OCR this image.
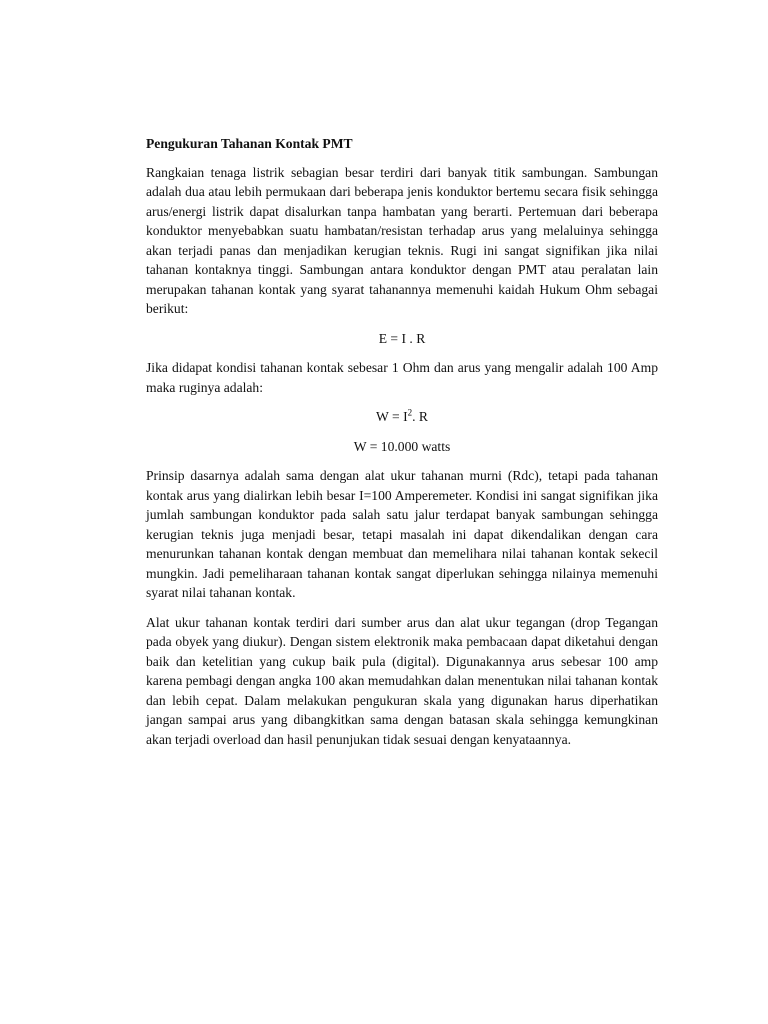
Pengukuran Tahanan Kontak PMT

Rangkaian tenaga listrik sebagian besar terdiri dari banyak titik sambungan. Sambungan adalah dua atau lebih permukaan dari beberapa jenis konduktor bertemu secara fisik sehingga arus/energi listrik dapat disalurkan tanpa hambatan yang berarti. Pertemuan dari beberapa konduktor menyebabkan suatu hambatan/resistan terhadap arus yang melaluinya sehingga akan terjadi panas dan menjadikan kerugian teknis. Rugi ini sangat signifikan jika nilai tahanan kontaknya tinggi. Sambungan antara konduktor dengan PMT atau peralatan lain merupakan tahanan kontak yang syarat tahanannya memenuhi kaidah Hukum Ohm sebagai berikut:

E = I . R

Jika didapat kondisi tahanan kontak sebesar 1 Ohm dan arus yang mengalir adalah 100 Amp maka ruginya adalah:

$W = I^2$. R
W = 10.000 watts

Prinsip dasarnya adalah sama dengan alat ukur tahanan murni (Rdc), tetapi pada tahanan kontak arus yang dialirkan lebih besar I=100 Amperemeter. Kondisi ini sangat signifikan jika jumlah sambungan konduktor pada salah satu jalur terdapat banyak sambungan sehingga kerugian teknis juga menjadi besar, tetapi masalah ini dapat dikendalikan dengan cara menurunkan tahanan kontak dengan membuat dan memelihara nilai tahanan kontak sekecil mungkin. Jadi pemeliharaan tahanan kontak sangat diperlukan sehingga nilainya memenuhi syarat nilai tahanan kontak.

Alat ukur tahanan kontak terdiri dari sumber arus dan alat ukur tegangan (drop Tegangan pada obyek yang diukur). Dengan sistem elektronik maka pembacaan dapat diketahui dengan baik dan ketelitian yang cukup baik pula (digital). Digunakannya arus sebesar 100 amp karena pembagi dengan angka 100 akan memudahkan dalan menentukan nilai tahanan kontak dan lebih cepat. Dalam melakukan pengukuran skala yang digunakan harus diperhatikan jangan sampai arus yang dibangkitkan sama dengan batasan skala sehingga kemungkinan akan terjadi overload dan hasil penunjukan tidak sesuai dengan kenyataannya.
